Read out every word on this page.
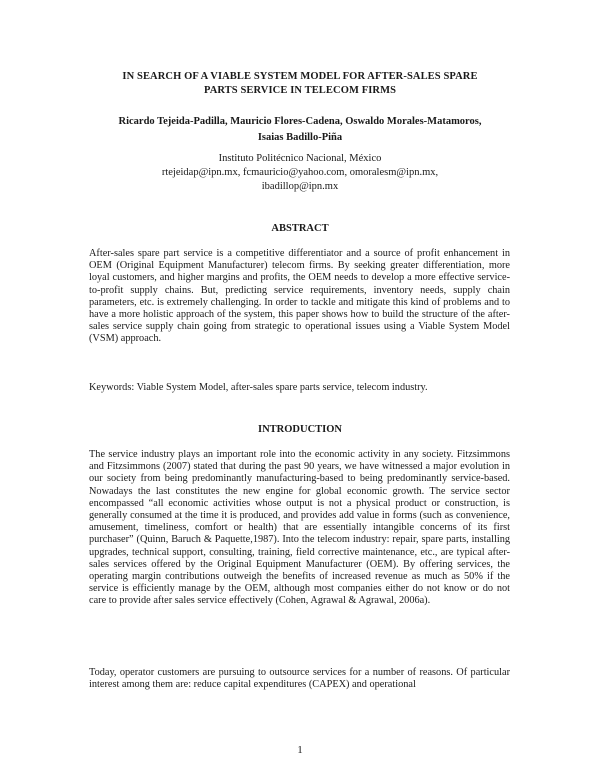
IN SEARCH OF A VIABLE SYSTEM MODEL FOR AFTER-SALES SPARE
PARTS SERVICE IN TELECOM FIRMS
Ricardo Tejeida-Padilla, Mauricio Flores-Cadena, Oswaldo Morales-Matamoros,
Isaias Badillo-Piña
Instituto Politécnico Nacional, México
rtejeidap@ipn.mx, fcmauricio@yahoo.com, omoralesm@ipn.mx,
ibadillop@ipn.mx
ABSTRACT

After-sales spare part service is a competitive differentiator and a source of profit enhancement in OEM (Original Equipment Manufacturer) telecom firms. By seeking greater differentiation, more loyal customers, and higher margins and profits, the OEM needs to develop a more effective service-to-profit supply chains. But, predicting service requirements, inventory needs, supply chain parameters, etc. is extremely challenging. In order to tackle and mitigate this kind of problems and to have a more holistic approach of the system, this paper shows how to build the structure of the after-sales service supply chain going from strategic to operational issues using a Viable System Model (VSM) approach.

Keywords: Viable System Model, after-sales spare parts service, telecom industry.

INTRODUCTION

The service industry plays an important role into the economic activity in any society. Fitzsimmons and Fitzsimmons (2007) stated that during the past 90 years, we have witnessed a major evolution in our society from being predominantly manufacturing-based to being predominantly service-based. Nowadays the last constitutes the new engine for global economic growth. The service sector encompassed “all economic activities whose output is not a physical product or construction, is generally consumed at the time it is produced, and provides add value in forms (such as convenience, amusement, timeliness, comfort or health) that are essentially intangible concerns of its first purchaser” (Quinn, Baruch & Paquette,1987). Into the telecom industry: repair, spare parts, installing upgrades, technical support, consulting, training, field corrective maintenance, etc., are typical after-sales services offered by the Original Equipment Manufacturer (OEM). By offering services, the operating margin contributions outweigh the benefits of increased revenue as much as 50% if the service is efficiently manage by the OEM, although most companies either do not know or do not care to provide after sales service effectively (Cohen, Agrawal & Agrawal, 2006a).

Today, operator customers are pursuing to outsource services for a number of reasons. Of particular interest among them are: reduce capital expenditures (CAPEX) and operational

1
